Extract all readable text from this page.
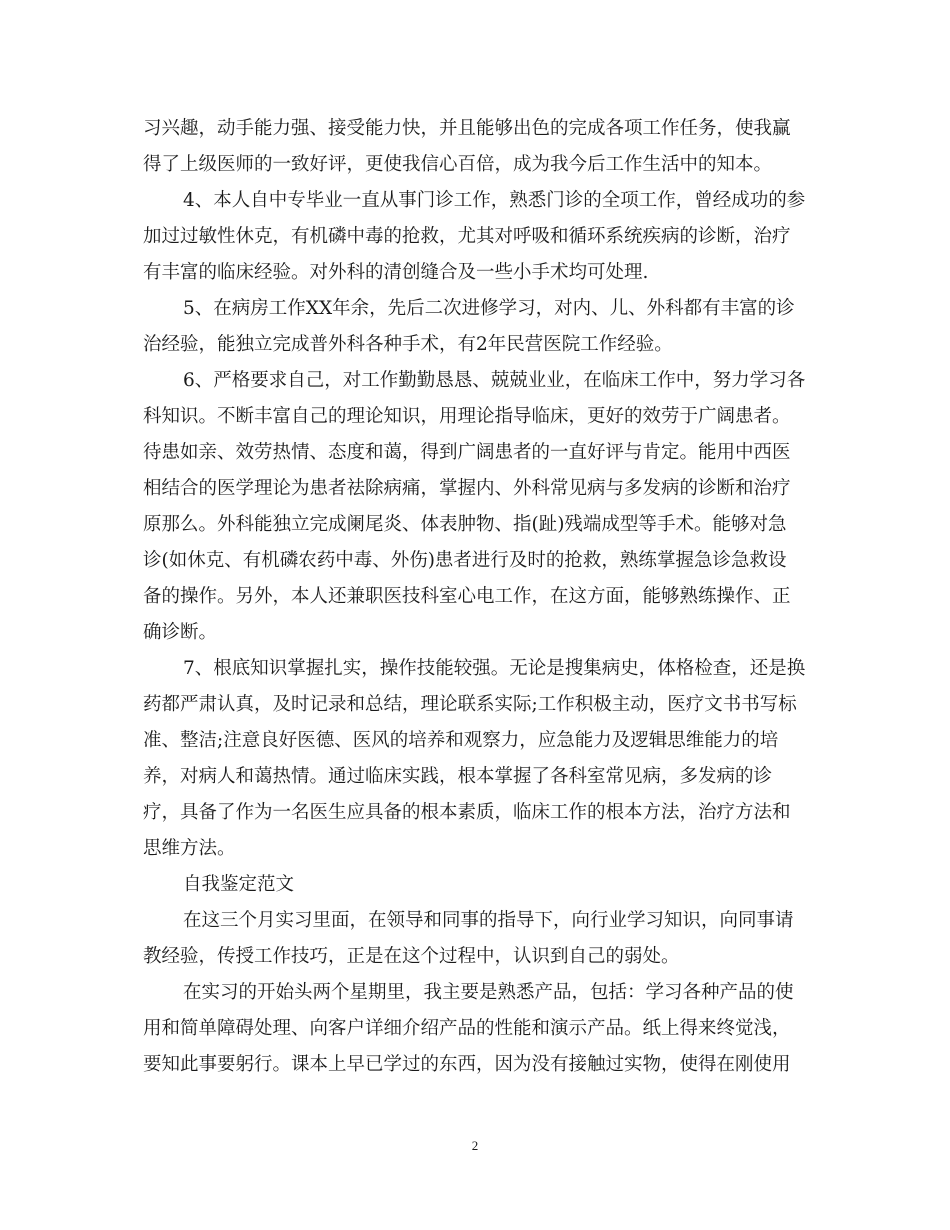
习兴趣，动手能力强、接受能力快，并且能够出色的完成各项工作任务，使我赢
得了上级医师的一致好评，更使我信心百倍，成为我今后工作生活中的知本。
4、本人自中专毕业一直从事门诊工作，熟悉门诊的全项工作，曾经成功的参
加过过敏性休克，有机磷中毒的抢救，尤其对呼吸和循环系统疾病的诊断，治疗
有丰富的临床经验。对外科的清创缝合及一些小手术均可处理.
5、在病房工作XX年余，先后二次进修学习，对内、儿、外科都有丰富的诊
治经验，能独立完成普外科各种手术，有2年民营医院工作经验。
6、严格要求自己，对工作勤勤恳恳、兢兢业业，在临床工作中，努力学习各
科知识。不断丰富自己的理论知识，用理论指导临床，更好的效劳于广阔患者。
待患如亲、效劳热情、态度和蔼，得到广阔患者的一直好评与肯定。能用中西医
相结合的医学理论为患者祛除病痛，掌握内、外科常见病与多发病的诊断和治疗
原那么。外科能独立完成阑尾炎、体表肿物、指(趾)残端成型等手术。能够对急
诊(如休克、有机磷农药中毒、外伤)患者进行及时的抢救，熟练掌握急诊急救设
备的操作。另外，本人还兼职医技科室心电工作，在这方面，能够熟练操作、正
确诊断。
7、根底知识掌握扎实，操作技能较强。无论是搜集病史，体格检查，还是换
药都严肃认真，及时记录和总结，理论联系实际;工作积极主动，医疗文书书写标
准、整洁;注意良好医德、医风的培养和观察力，应急能力及逻辑思维能力的培
养，对病人和蔼热情。通过临床实践，根本掌握了各科室常见病，多发病的诊
疗，具备了作为一名医生应具备的根本素质，临床工作的根本方法，治疗方法和
思维方法。
自我鉴定范文
在这三个月实习里面，在领导和同事的指导下，向行业学习知识，向同事请
教经验，传授工作技巧，正是在这个过程中，认识到自己的弱处。
在实习的开始头两个星期里，我主要是熟悉产品，包括：学习各种产品的使
用和简单障碍处理、向客户详细介绍产品的性能和演示产品。纸上得来终觉浅，
要知此事要躬行。课本上早已学过的东西，因为没有接触过实物，使得在刚使用
2
